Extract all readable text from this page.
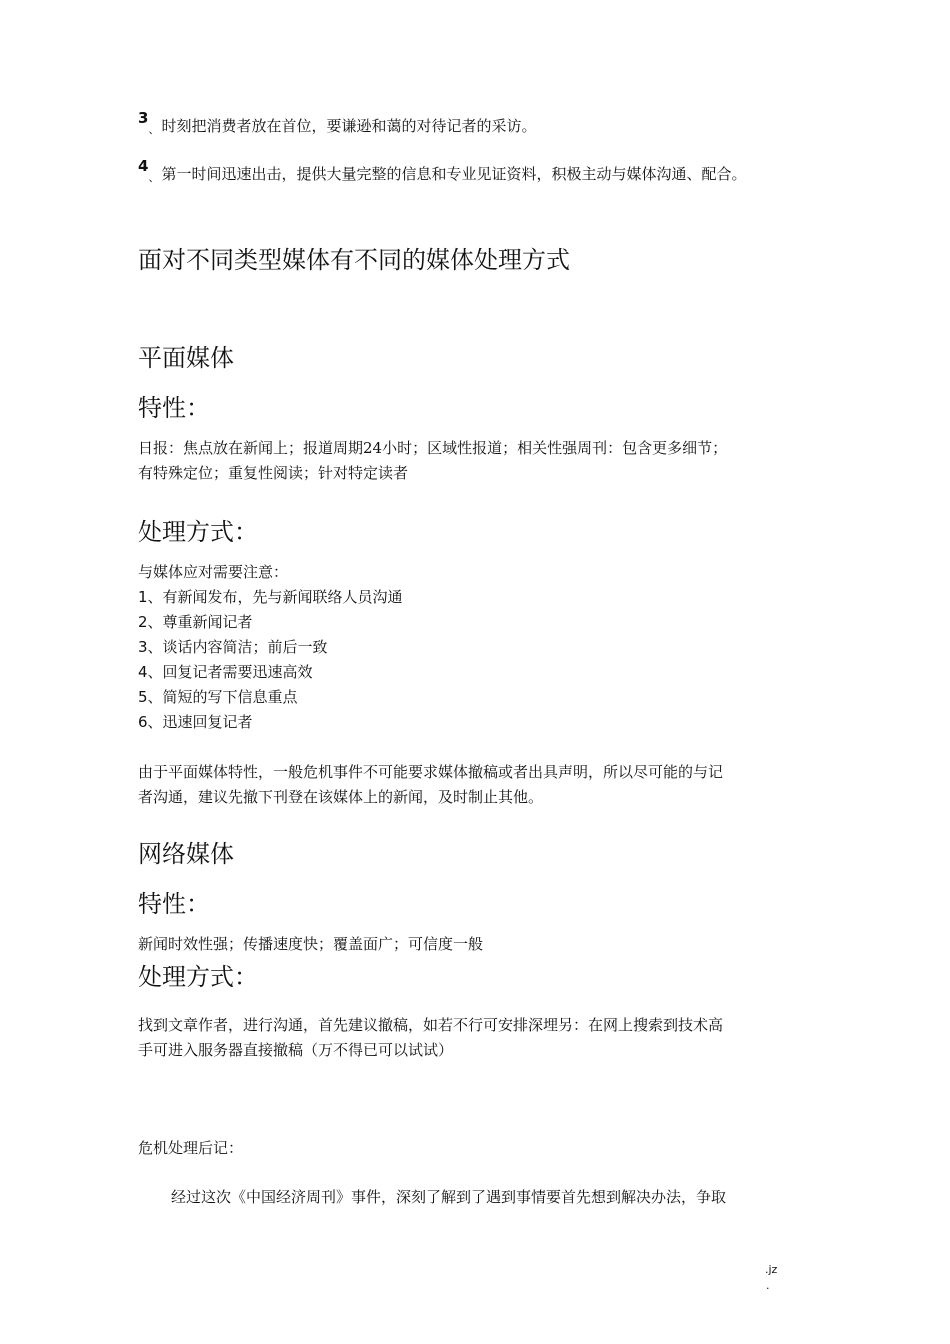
3、 时刻把消费者放在首位，要谦逊和蔼的对待记者的采访。
4、 第一时间迅速出击，提供大量完整的信息和专业见证资料，积极主动与媒体沟通、配合。
面对不同类型媒体有不同的媒体处理方式
平面媒体
特性：
日报：焦点放在新闻上；报道周期24小时；区域性报道；相关性强周刊：包含更多细节；
有特殊定位；重复性阅读；针对特定读者
处理方式：
与媒体应对需要注意：
1、有新闻发布，先与新闻联络人员沟通
2、尊重新闻记者
3、谈话内容简洁；前后一致
4、回复记者需要迅速高效
5、简短的写下信息重点
6、迅速回复记者
由于平面媒体特性，一般危机事件不可能要求媒体撤稿或者出具声明，所以尽可能的与记
者沟通，建议先撤下刊登在该媒体上的新闻，及时制止其他。
网络媒体
特性：
新闻时效性强；传播速度快；覆盖面广；可信度一般
处理方式：
找到文章作者，进行沟通，首先建议撤稿，如若不行可安排深埋另：在网上搜索到技术高
手可进入服务器直接撤稿（万不得已可以试试）
危机处理后记：
经过这次《中国经济周刊》事件，深刻了解到了遇到事情要首先想到解决办法，争取
.jz
.
